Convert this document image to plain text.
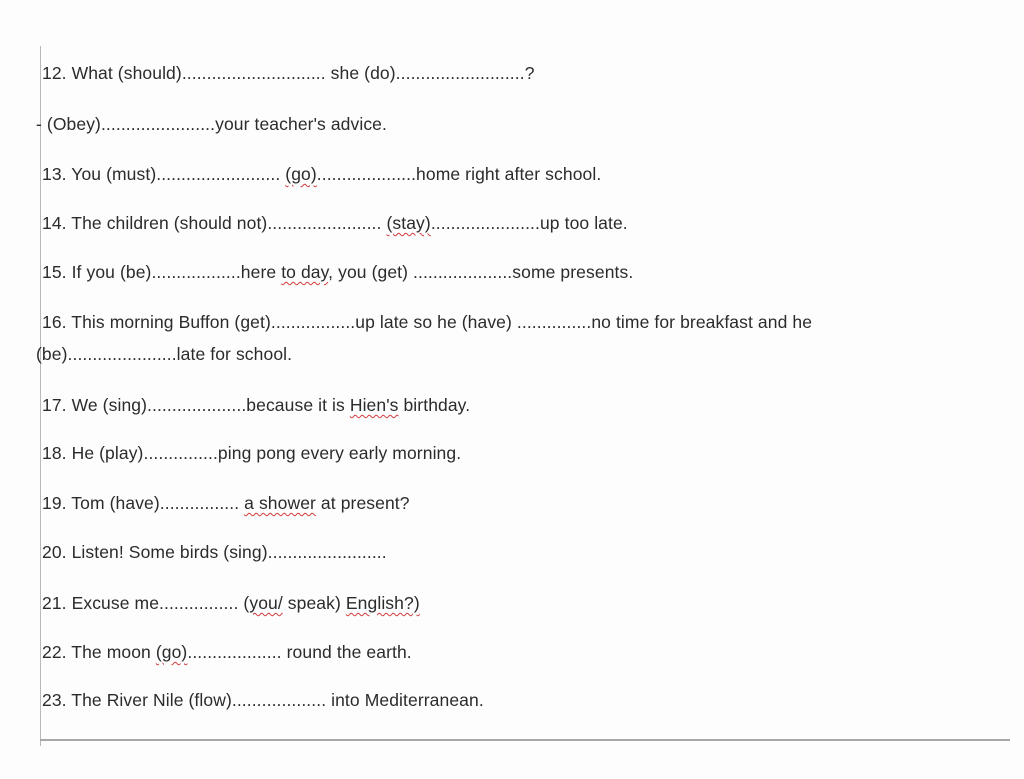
12. What (should)............................. she (do)..........................?
- (Obey).......................your teacher's advice.
13. You (must)......................... (go)....................home right after school.
14. The children (should not)....................... (stay)......................up too late.
15. If you (be)..................here to day, you (get) ....................some presents.
16. This morning Buffon (get).................up late so he (have) ...............no time for breakfast and he
(be)......................late for school.
17. We (sing)....................because it is Hien's birthday.
18. He (play)...............ping pong every early morning.
19. Tom (have)................ a shower at present?
20. Listen! Some birds (sing)........................
21. Excuse me................ (you/ speak) English?)
22. The moon (go)................... round the earth.
23. The River Nile (flow)................... into Mediterranean.
